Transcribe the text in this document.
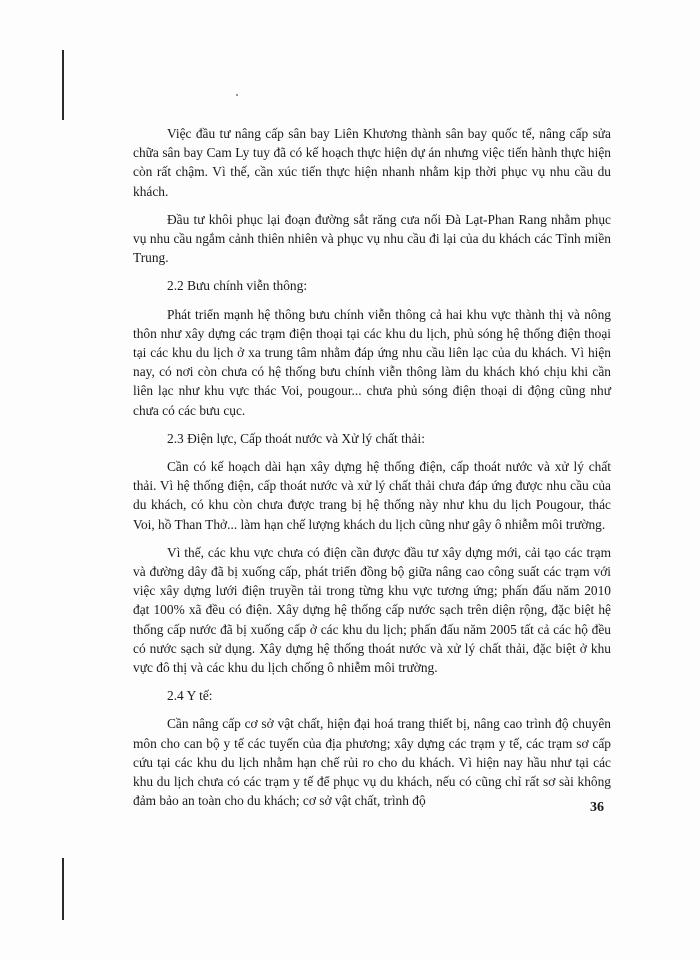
Việc đầu tư nâng cấp sân bay Liên Khương thành sân bay quốc tế, nâng cấp sửa chữa sân bay Cam Ly tuy đã có kế hoạch thực hiện dự án nhưng việc tiến hành thực hiện còn rất chậm. Vì thế, cần xúc tiến thực hiện nhanh nhằm kịp thời phục vụ nhu cầu du khách.

Đầu tư khôi phục lại đoạn đường sắt răng cưa nối Đà Lạt-Phan Rang nhằm phục vụ nhu cầu ngắm cảnh thiên nhiên và phục vụ nhu cầu đi lại của du khách các Tỉnh miền Trung.

2.2 Bưu chính viễn thông:

Phát triển mạnh hệ thông bưu chính viễn thông cả hai khu vực thành thị và nông thôn như xây dựng các trạm điện thoại tại các khu du lịch, phủ sóng hệ thống điện thoại tại các khu du lịch ở xa trung tâm nhằm đáp ứng nhu cầu liên lạc của du khách. Vì hiện nay, có nơi còn chưa có hệ thống bưu chính viễn thông làm du khách khó chịu khi cần liên lạc như khu vực thác Voi, pougour... chưa phủ sóng điện thoại di động cũng như chưa có các bưu cục.

2.3 Điện lực, Cấp thoát nước và Xử lý chất thải:

Cần có kế hoạch dài hạn xây dựng hệ thống điện, cấp thoát nước và xử lý chất thải. Vì hệ thống điện, cấp thoát nước và xử lý chất thải chưa đáp ứng được nhu cầu của du khách, có khu còn chưa được trang bị hệ thống này như khu du lịch Pougour, thác Voi, hồ Than Thở... làm hạn chế lượng khách du lịch cũng như gây ô nhiễm môi trường.

Vì thế, các khu vực chưa có điện cần được đầu tư xây dựng mới, cải tạo các trạm và đường dây đã bị xuống cấp, phát triển đồng bộ giữa nâng cao công suất các trạm với việc xây dựng lưới điện truyền tải trong từng khu vực tương ứng; phấn đấu năm 2010 đạt 100% xã đều có điện. Xây dựng hệ thống cấp nước sạch trên diện rộng, đặc biệt hệ thống cấp nước đã bị xuống cấp ở các khu du lịch; phấn đấu năm 2005 tất cả các hộ đều có nước sạch sử dụng. Xây dựng hệ thống thoát nước và xử lý chất thải, đặc biệt ở khu vực đô thị và các khu du lịch chống ô nhiễm môi trường.

2.4 Y tế:

Cần nâng cấp cơ sở vật chất, hiện đại hoá trang thiết bị, nâng cao trình độ chuyên môn cho can bộ y tế các tuyến của địa phương; xây dựng các trạm y tế, các trạm sơ cấp cứu tại các khu du lịch nhằm hạn chế rủi ro cho du khách. Vì hiện nay hầu như tại các khu du lịch chưa có các trạm y tế để phục vụ du khách, nếu có cũng chỉ rất sơ sài không đảm bảo an toàn cho du khách; cơ sở vật chất, trình độ	36
